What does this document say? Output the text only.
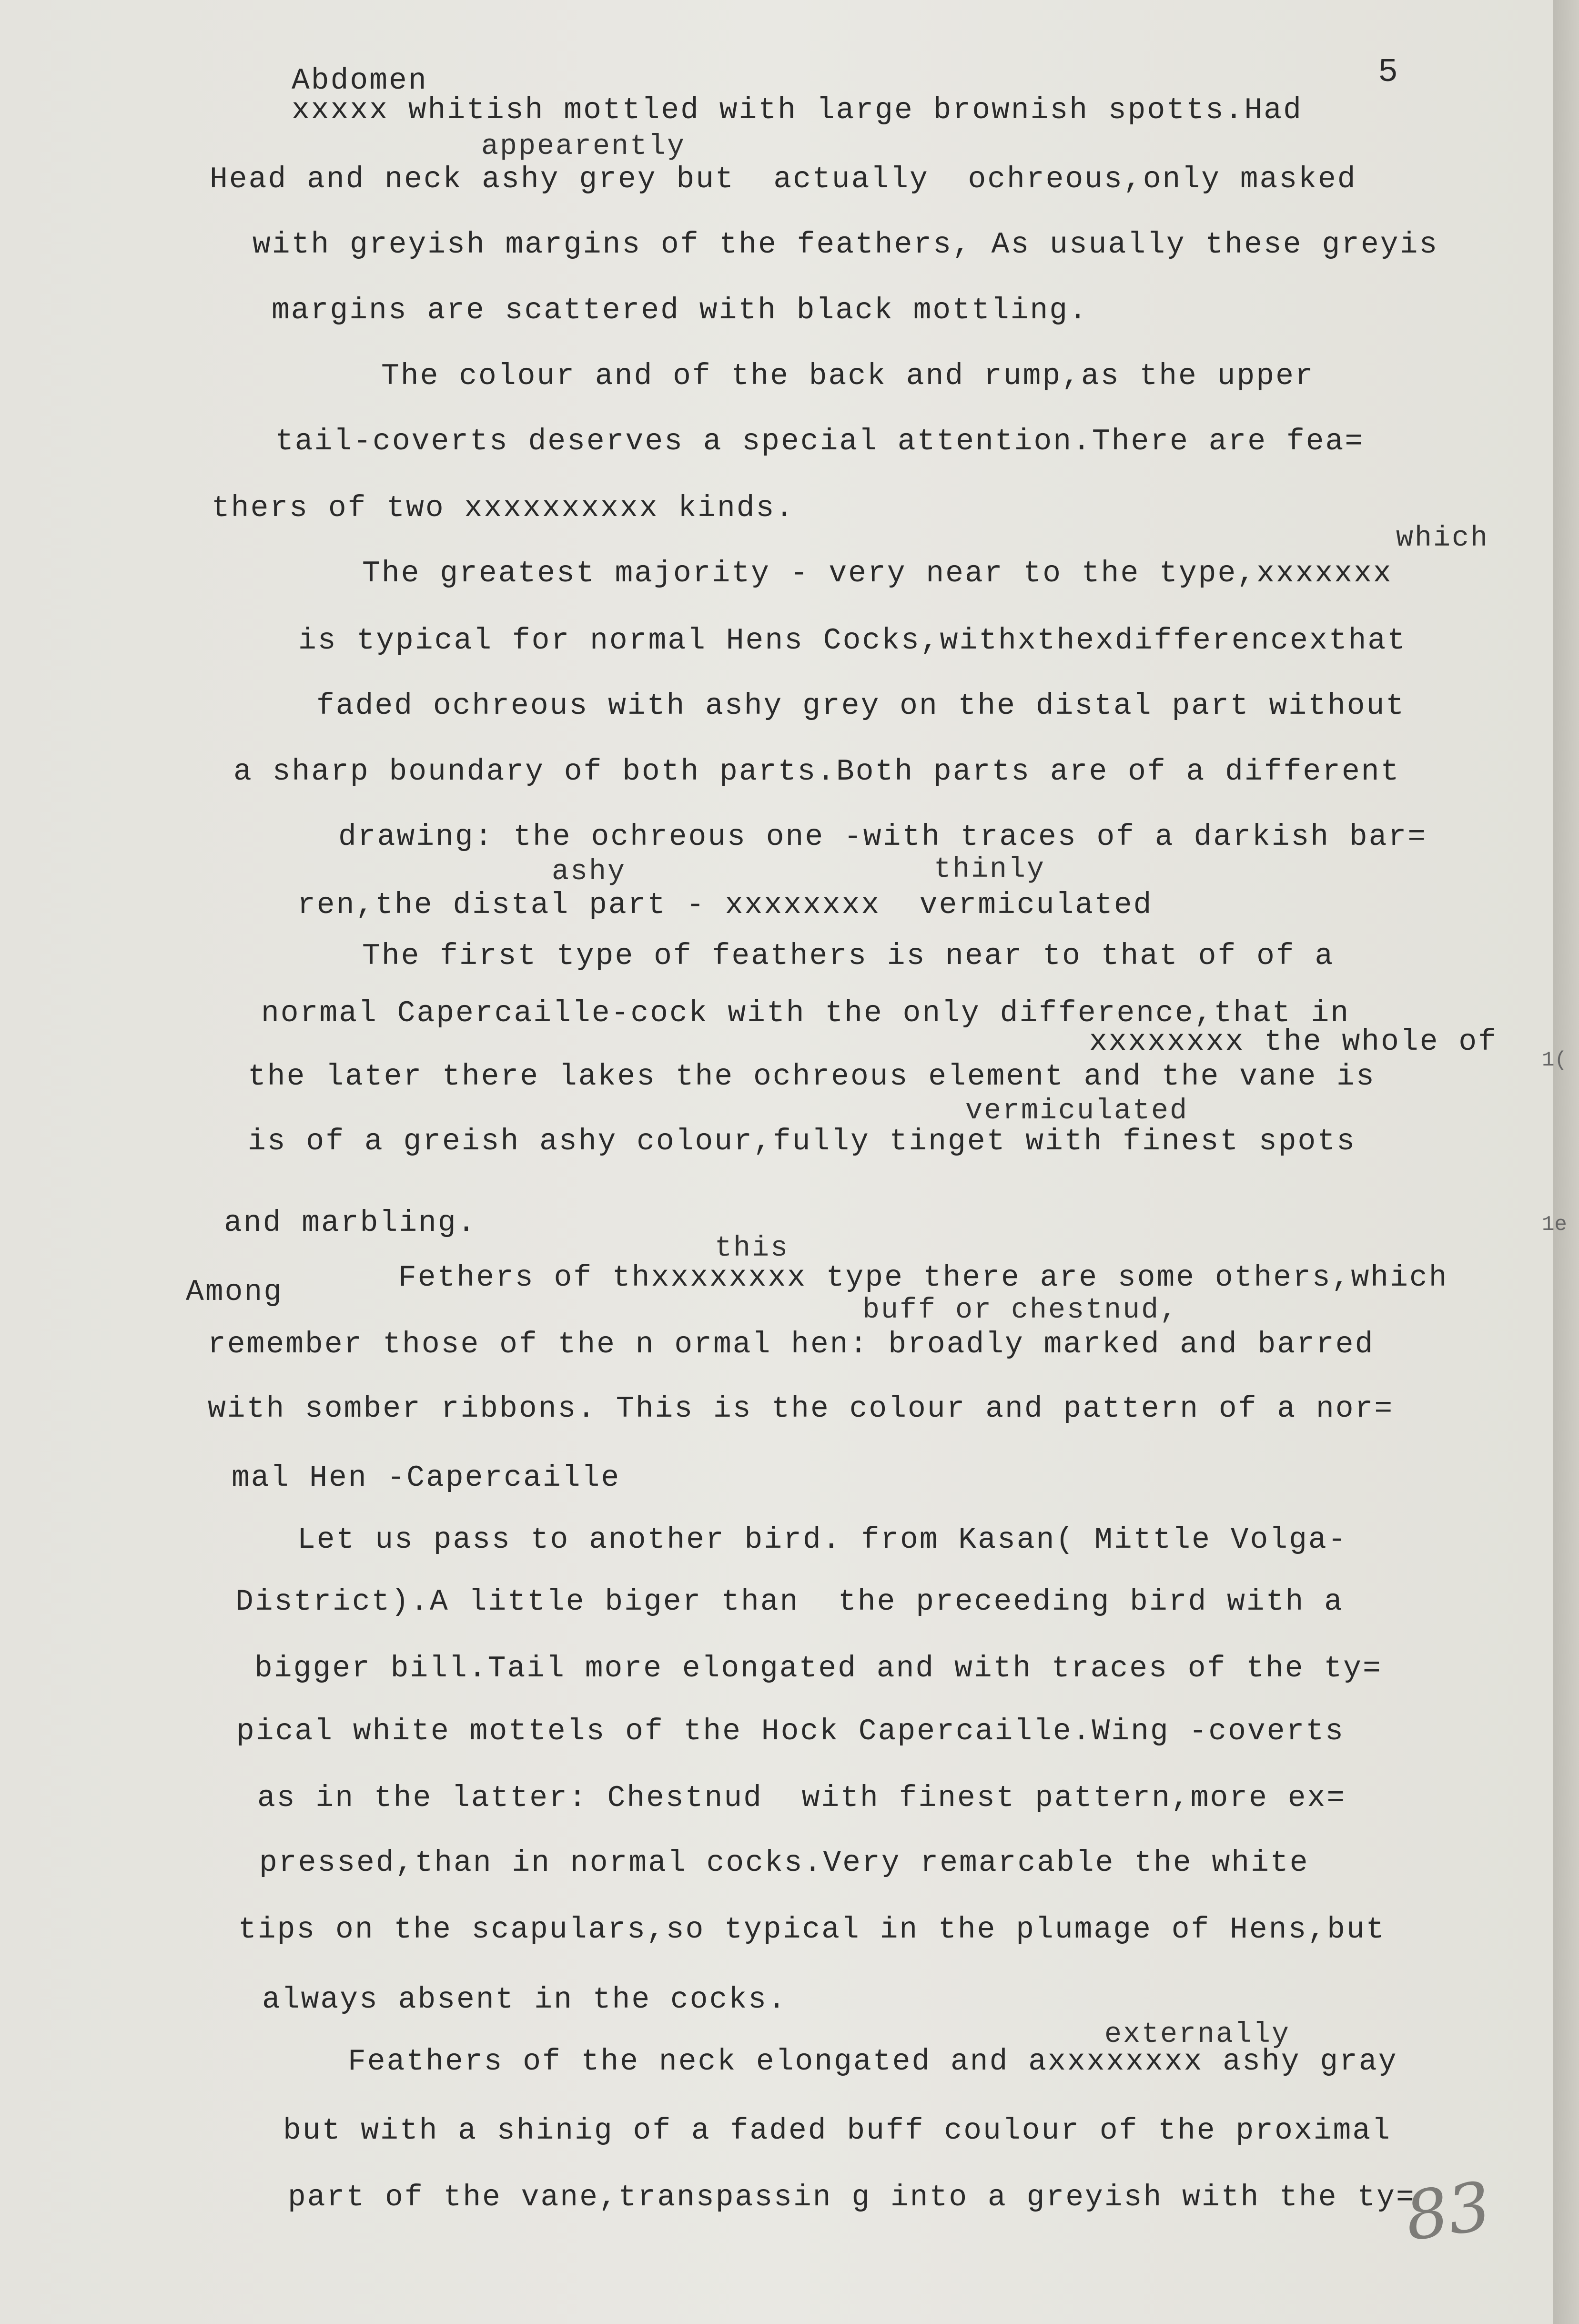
Abdomen	5
xxxxx whitish mottled with large brownish spotts.Had
appearently
Head and neck ashy grey but  actually  ochreous,only masked
with greyish margins of the feathers, As usually these greyis
margins are scattered with black mottling.
The colour and of the back and rump,as the upper
tail-coverts deserves a special attention.There are fea=
thers of two xxxxxxxxxx kinds.
which
The greatest majority - very near to the type,xxxxxxx
is typical for normal Hens Cocks,withxthexdifferencexthat
faded ochreous with ashy grey on the distal part without
a sharp boundary of both parts.Both parts are of a different
drawing: the ochreous one -with traces of a darkish bar=
ashy	thinly
ren,the distal part - xxxxxxxx  vermiculated
The first type of feathers is near to that of of a
normal Capercaille-cock with the only difference,that in
xxxxxxxx the whole of
the later there lakes the ochreous element and the vane is
vermiculated
is of a greish ashy colour,fully tinget with finest spots
and marbling.
this
Among	Fethers of thxxxxxxxx type there are some others,which
buff or chestnud,
remember those of the n ormal hen: broadly marked and barred
with somber ribbons. This is the colour and pattern of a nor=
mal Hen -Capercaille
Let us pass to another bird. from Kasan( Mittle Volga-
District).A little biger than  the preceeding bird with a
bigger bill.Tail more elongated and with traces of the ty=
pical white mottels of the Hock Capercaille.Wing -coverts
as in the latter: Chestnud  with finest pattern,more ex=
pressed,than in normal cocks.Very remarcable the white
tips on the scapulars,so typical in the plumage of Hens,but
always absent in the cocks.
externally
Feathers of the neck elongated and axxxxxxxx ashy gray
but with a shinig of a faded buff coulour of the proximal
part of the vane,transpassin g into a greyish with the ty=
1(
1e
83
